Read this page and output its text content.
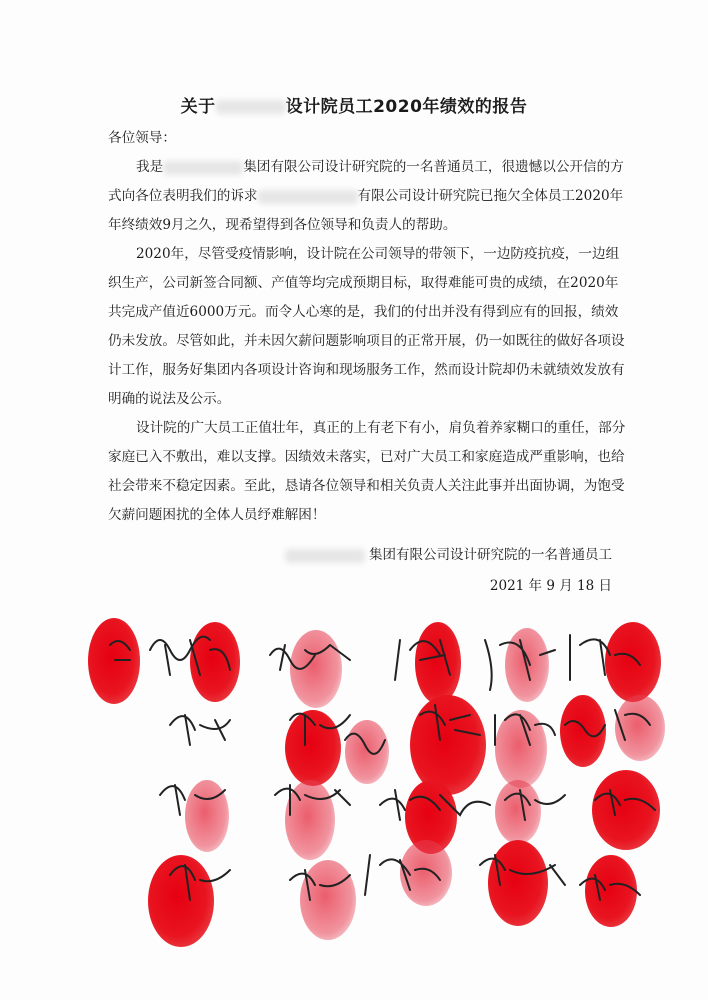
关于	设计院员工2020年绩效的报告

各位领导：

我是	集团有限公司设计研究院的一名普通员工，很遗憾以公开信的方式向各位表明我们的诉求	有限公司设计研究院已拖欠全体员工2020年年终绩效9月之久，现希望得到各位领导和负责人的帮助。

2020年，尽管受疫情影响，设计院在公司领导的带领下，一边防疫抗疫，一边组织生产，公司新签合同额、产值等均完成预期目标，取得难能可贵的成绩，在2020年共完成产值近6000万元。而令人心寒的是，我们的付出并没有得到应有的回报，绩效仍未发放。尽管如此，并未因欠薪问题影响项目的正常开展，仍一如既往的做好各项设计工作，服务好集团内各项设计咨询和现场服务工作，然而设计院却仍未就绩效发放有明确的说法及公示。

设计院的广大员工正值壮年，真正的上有老下有小，肩负着养家糊口的重任，部分家庭已入不敷出，难以支撑。因绩效未落实，已对广大员工和家庭造成严重影响，也给社会带来不稳定因素。至此，恳请各位领导和相关负责人关注此事并出面协调，为饱受欠薪问题困扰的全体人员纾难解困！

集团有限公司设计研究院的一名普通员工
2021 年 9 月 18 日
